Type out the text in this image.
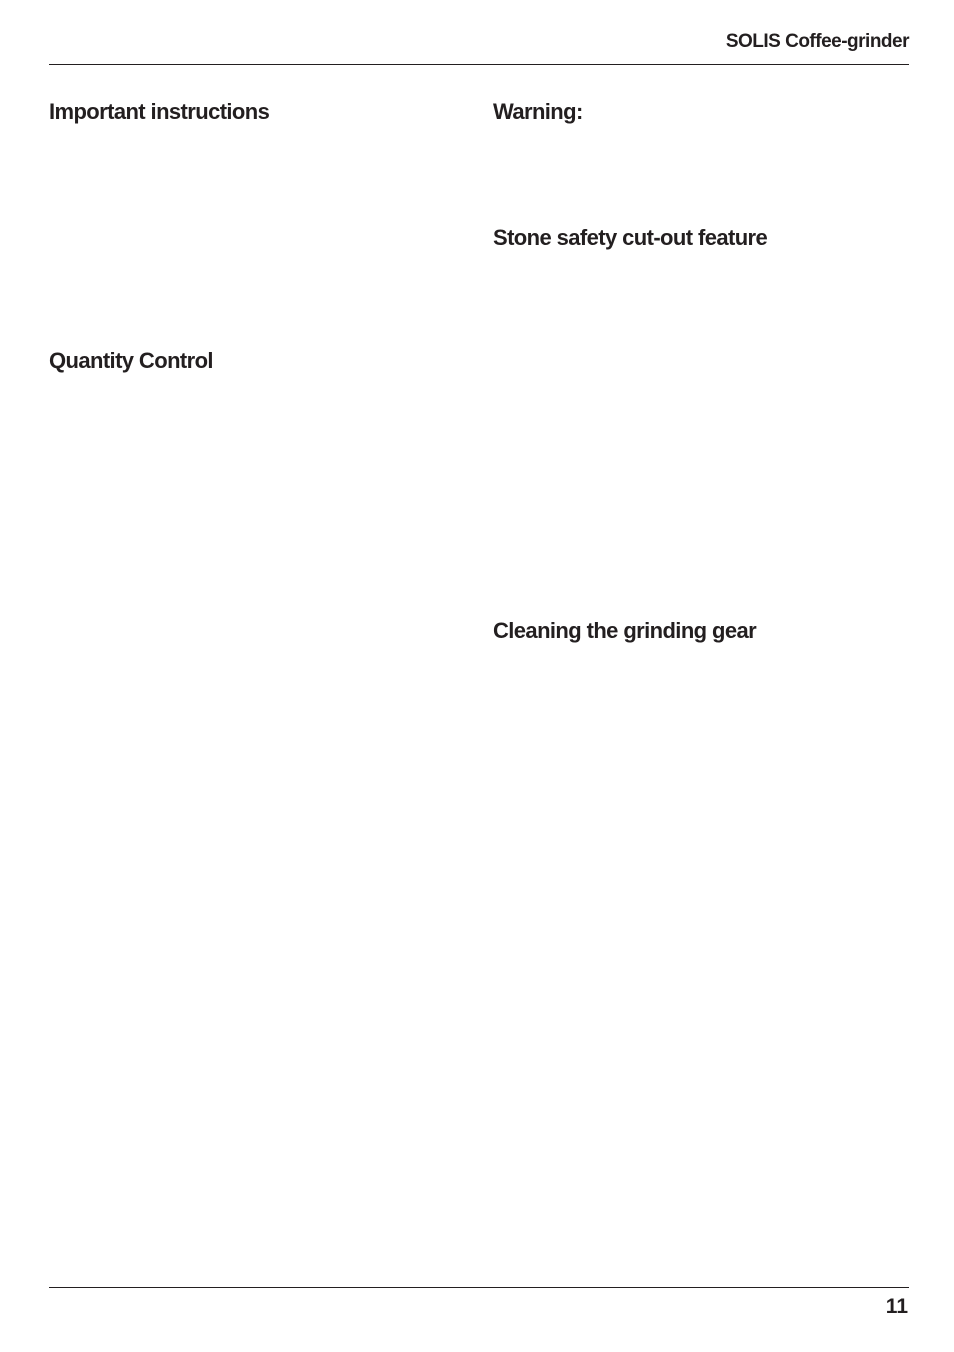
SOLIS Coffee-grinder
Important instructions
Quantity Control
Warning:
Stone safety cut-out feature
Cleaning the grinding gear
11
